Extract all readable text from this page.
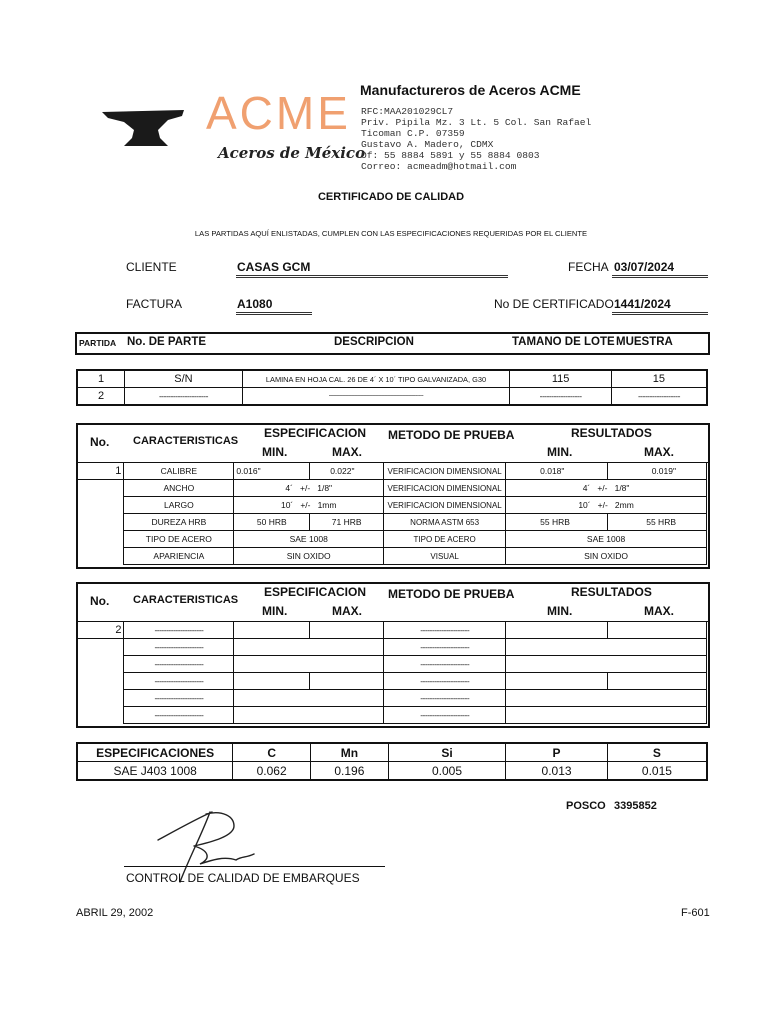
ACME
Aceros de México
Manufactureros de Aceros ACME
RFC:MAA201029CL7
Priv. Pipila Mz. 3 Lt. 5 Col. San Rafael
Ticoman C.P. 07359
Gustavo A. Madero, CDMX
Of: 55 8884 5891 y 55 8884 0803
Correo: acmeadm@hotmail.com
CERTIFICADO DE CALIDAD
LAS PARTIDAS AQUÍ ENLISTADAS, CUMPLEN CON LAS ESPECIFICACIONES REQUERIDAS POR EL CLIENTE
CLIENTE	CASAS GCM	FECHA 03/07/2024
FACTURA	A1080	No DE CERTIFICADO 1441/2024
PARTIDA No. DE PARTE	DESCRIPCION	TAMAÑO DE LOTE MUESTRA
1	S/N	LAMINA EN HOJA CAL. 26 DE 4´ X 10´ TIPO GALVANIZADA, G30	115	15
2	---------------------	---------------------------------------------------------------	------------------	------------------
No. CARACTERISTICAS
ESPECIFICACION
MIN.	MAX.
METODO DE PRUEBA	RESULTADOS
MIN.	MAX.
1	CALIBRE	0.016"	0.022"	VERIFICACION DIMENSIONAL	0.018"	0.019"
	ANCHO	4´   +/-   1/8"		VERIFICACION DIMENSIONAL	4´   +/-   1/8"	
	LARGO	10´   +/-   1mm		VERIFICACION DIMENSIONAL	10´   +/-   2mm	
	DUREZA HRB	50 HRB	71 HRB	NORMA ASTM 653	55 HRB	55 HRB
	TIPO DE ACERO	SAE 1008		TIPO DE ACERO	SAE 1008	
	APARIENCIA	SIN OXIDO		VISUAL	SIN OXIDO	
No. CARACTERISTICAS
ESPECIFICACION
MIN.	MAX.
METODO DE PRUEBA	RESULTADOS
MIN.	MAX.
2	---------------------			---------------------		
	---------------------			---------------------		
	---------------------			---------------------		
	---------------------			---------------------		
	---------------------			---------------------		
	---------------------			---------------------		
ESPECIFICACIONES	C	Mn	Si	P	S
SAE J403 1008	0.062	0.196	0.005	0.013	0.015
POSCO 3395852
CONTROL DE CALIDAD DE EMBARQUES
ABRIL 29, 2002	F-601
